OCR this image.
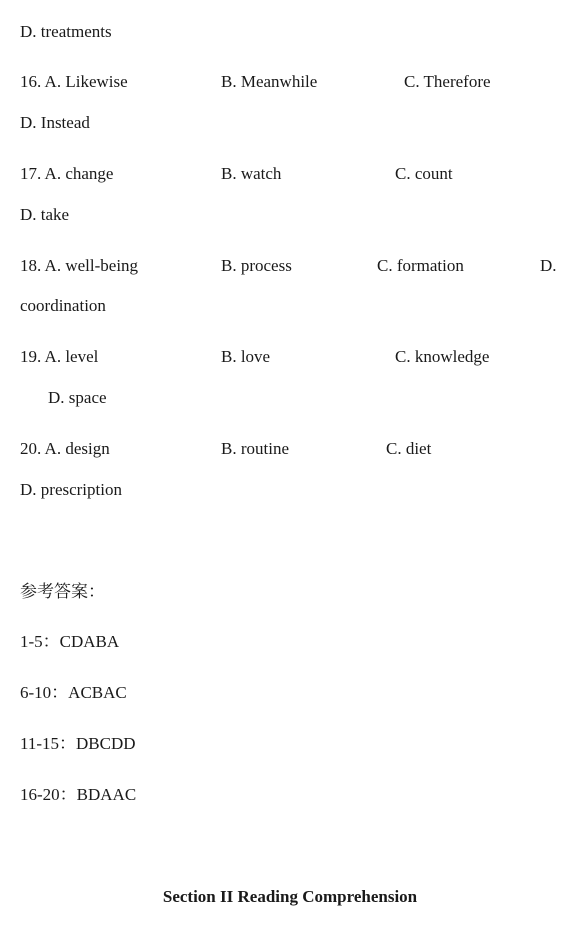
D. treatments
16. A. Likewise	B. Meanwhile	C. Therefore
D. Instead
17. A. change	B. watch	C. count
D. take
18. A. well-being	B. process	C. formation	D.
coordination
19. A. level	B. love	C. knowledge
D. space
20. A. design	B. routine	C. diet
D. prescription
参考答案：
1-5：CDABA
6-10：ACBAC
11-15：DBCDD
16-20：BDAAC
Section II Reading Comprehension
